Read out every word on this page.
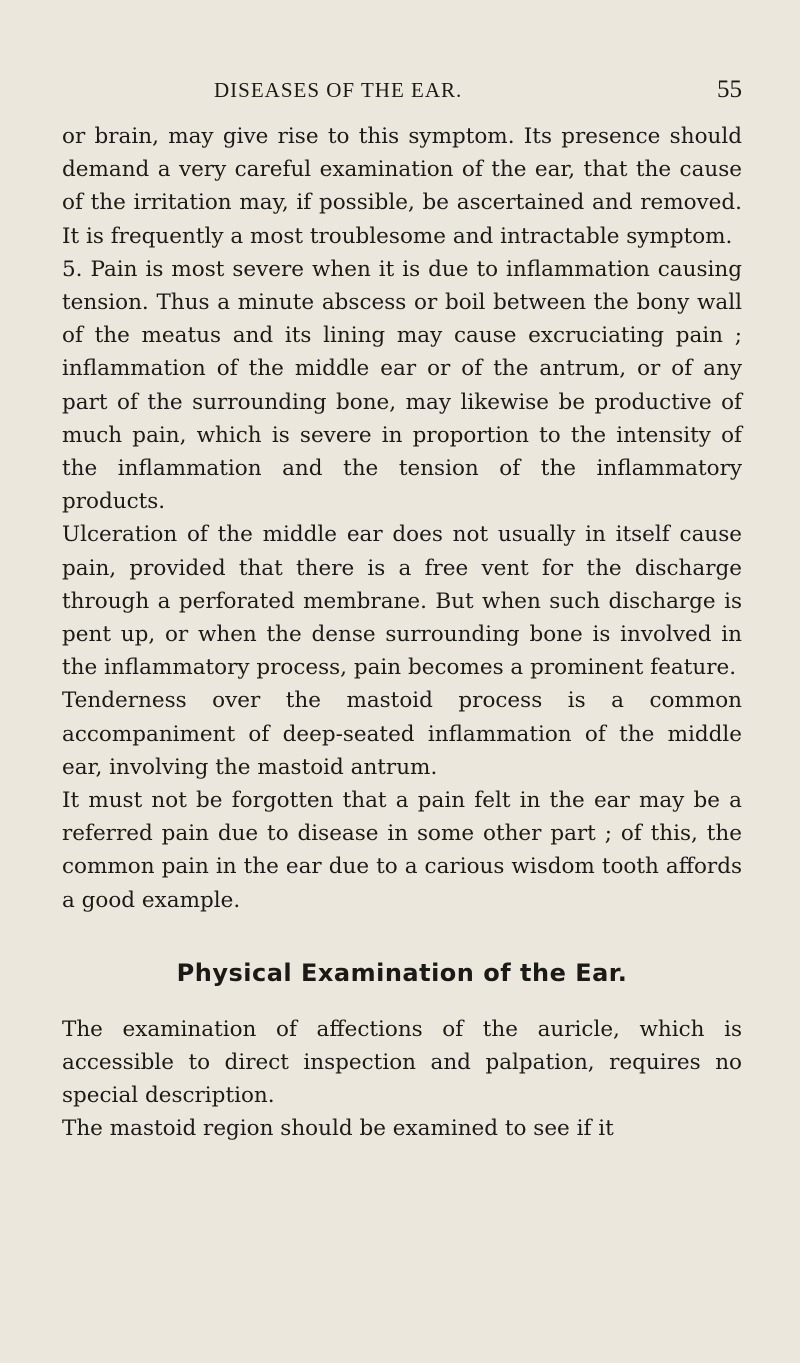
DISEASES OF THE EAR.	55

or brain, may give rise to this symptom. Its presence should demand a very careful examination of the ear, that the cause of the irritation may, if possible, be ascertained and removed. It is frequently a most troublesome and intractable symptom.

5. Pain is most severe when it is due to inflammation causing tension. Thus a minute abscess or boil between the bony wall of the meatus and its lining may cause excruciating pain ; inflammation of the middle ear or of the antrum, or of any part of the surrounding bone, may likewise be productive of much pain, which is severe in proportion to the intensity of the inflammation and the tension of the inflammatory products.

Ulceration of the middle ear does not usually in itself cause pain, provided that there is a free vent for the discharge through a perforated membrane. But when such discharge is pent up, or when the dense surrounding bone is involved in the inflammatory process, pain becomes a prominent feature.

Tenderness over the mastoid process is a common accompaniment of deep-seated inflammation of the middle ear, involving the mastoid antrum.

It must not be forgotten that a pain felt in the ear may be a referred pain due to disease in some other part ; of this, the common pain in the ear due to a carious wisdom tooth affords a good example.

Physical Examination of the Ear.

The examination of affections of the auricle, which is accessible to direct inspection and palpation, requires no special description.

The mastoid region should be examined to see if it
